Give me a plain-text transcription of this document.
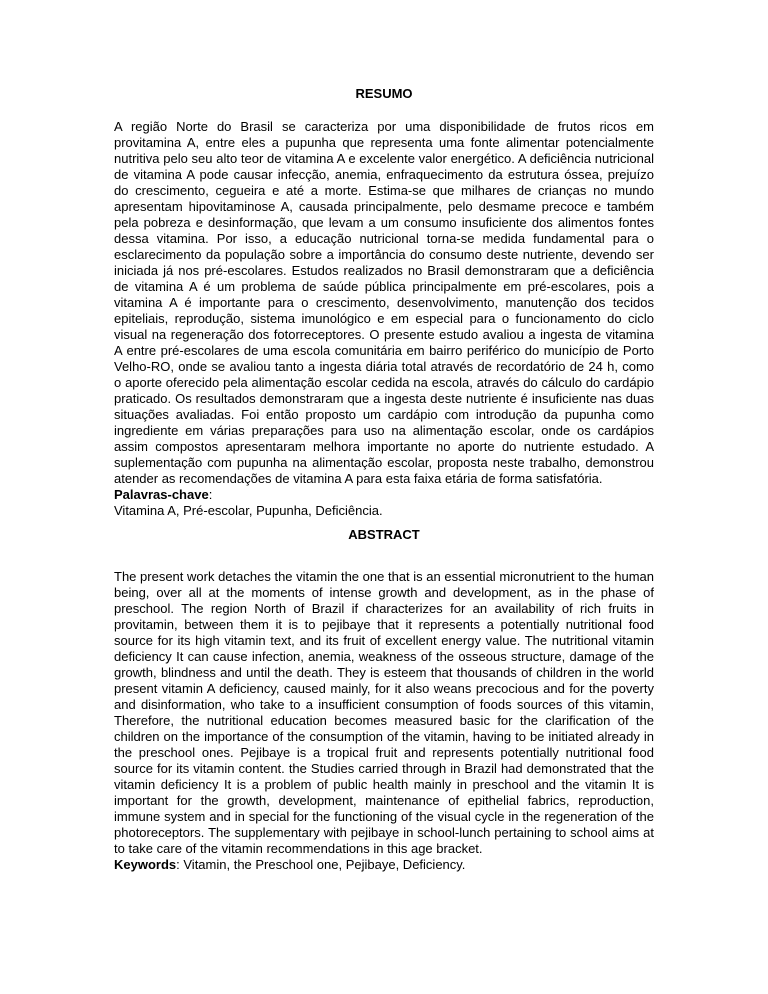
RESUMO

A região Norte do Brasil se caracteriza por uma disponibilidade de frutos ricos em provitamina A, entre eles a pupunha que representa uma fonte alimentar potencialmente nutritiva pelo seu alto teor de vitamina A e excelente valor energético. A deficiência nutricional de vitamina A pode causar infecção, anemia, enfraquecimento da estrutura óssea, prejuízo do crescimento, cegueira e até a morte. Estima-se que milhares de crianças no mundo apresentam hipovitaminose A, causada principalmente, pelo desmame precoce e também pela pobreza e desinformação, que levam a um consumo insuficiente dos alimentos fontes dessa vitamina. Por isso, a educação nutricional torna-se medida fundamental para o esclarecimento da população sobre a importância do consumo deste nutriente, devendo ser iniciada já nos pré-escolares. Estudos realizados no Brasil demonstraram que a deficiência de vitamina A é um problema de saúde pública principalmente em pré-escolares, pois a vitamina A é importante para o crescimento, desenvolvimento, manutenção dos tecidos epiteliais, reprodução, sistema imunológico e em especial para o funcionamento do ciclo visual na regeneração dos fotorreceptores. O presente estudo avaliou a ingesta de vitamina A entre pré-escolares de uma escola comunitária em bairro periférico do município de Porto Velho-RO, onde se avaliou tanto a ingesta diária total através de recordatório de 24 h, como o aporte oferecido pela alimentação escolar cedida na escola, através do cálculo do cardápio praticado. Os resultados demonstraram que a ingesta deste nutriente é insuficiente nas duas situações avaliadas. Foi então proposto um cardápio com introdução da pupunha como ingrediente em várias preparações para uso na alimentação escolar, onde os cardápios assim compostos apresentaram melhora importante no aporte do nutriente estudado. A suplementação com pupunha na alimentação escolar, proposta neste trabalho, demonstrou atender as recomendações de vitamina A para esta faixa etária de forma satisfatória.

Palavras-chave:

Vitamina A, Pré-escolar, Pupunha, Deficiência.

ABSTRACT

The present work detaches the vitamin the one that is an essential micronutrient to the human being, over all at the moments of intense growth and development, as in the phase of preschool. The region North of Brazil if characterizes for an availability of rich fruits in provitamin, between them it is to pejibaye that it represents a potentially nutritional food source for its high vitamin text, and its fruit of excellent energy value. The nutritional vitamin deficiency It can cause infection, anemia, weakness of the osseous structure, damage of the growth, blindness and until the death. They is esteem that thousands of children in the world present vitamin A deficiency, caused mainly, for it also weans precocious and for the poverty and disinformation, who take to a insufficient consumption of foods sources of this vitamin, Therefore, the nutritional education becomes measured basic for the clarification of the children on the importance of the consumption of the vitamin, having to be initiated already in the preschool ones. Pejibaye is a tropical fruit and represents potentially nutritional food source for its vitamin content. the Studies carried through in Brazil had demonstrated that the vitamin deficiency It is a problem of public health mainly in preschool and the vitamin It is important for the growth, development, maintenance of epithelial fabrics, reproduction, immune system and in special for the functioning of the visual cycle in the regeneration of the photoreceptors. The supplementary with pejibaye in school-lunch pertaining to school aims at to take care of the vitamin recommendations in this age bracket.

Keywords: Vitamin, the Preschool one, Pejibaye, Deficiency.
